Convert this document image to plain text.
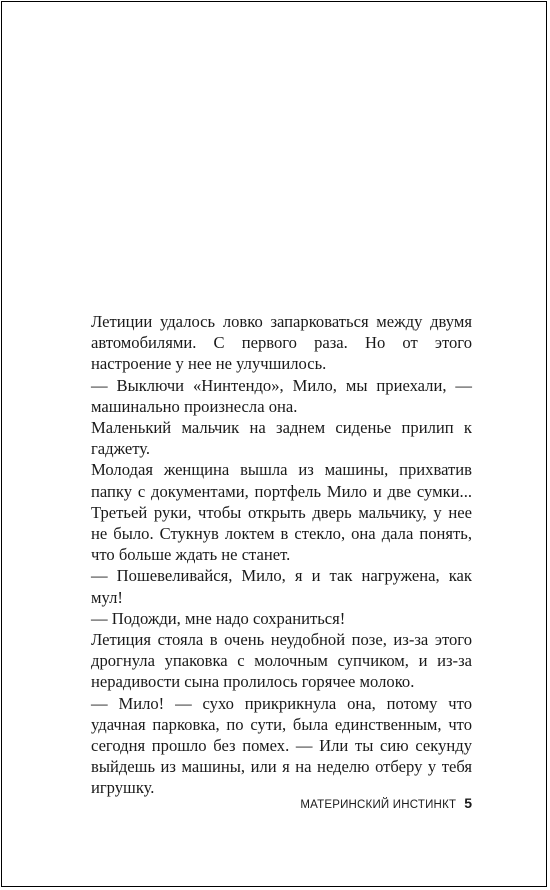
Летиции удалось ловко запарковаться между двумя автомобилями. С первого раза. Но от этого настроение у нее не улучшилось.

— Выключи «Нинтендо», Мило, мы приехали, — машинально произнесла она.

Маленький мальчик на заднем сиденье прилип к гаджету.

Молодая женщина вышла из машины, прихватив папку с документами, портфель Мило и две сумки... Третьей руки, чтобы открыть дверь мальчику, у нее не было. Стукнув локтем в стекло, она дала понять, что больше ждать не станет.

— Пошевеливайся, Мило, я и так нагружена, как мул!

— Подожди, мне надо сохраниться!

Летиция стояла в очень неудобной позе, из-за этого дрогнула упаковка с молочным супчиком, и из-за нерадивости сына пролилось горячее молоко.

— Мило! — сухо прикрикнула она, потому что удачная парковка, по сути, была единственным, что сегодня прошло без помех. — Или ты сию секунду выйдешь из машины, или я на неделю отберу у тебя игрушку.

МАТЕРИНСКИЙ ИНСТИНКТ 5
